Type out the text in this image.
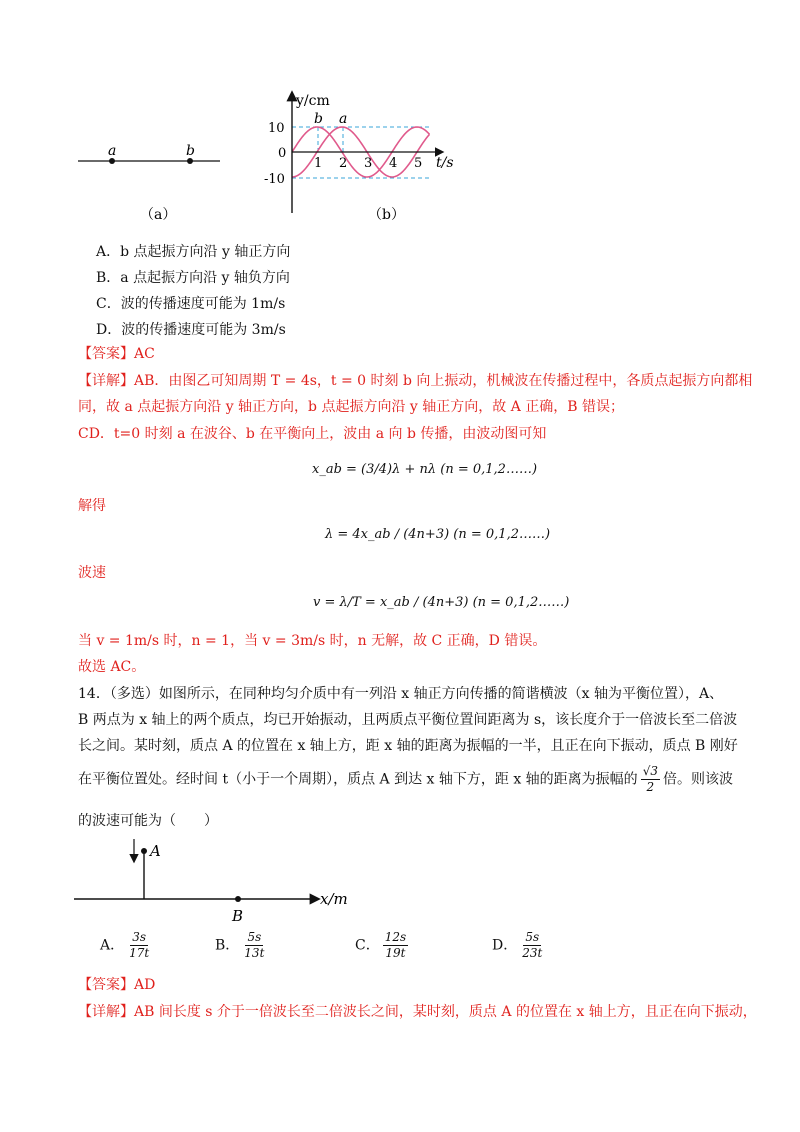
a	b
（a）
y/cm
t/s
10
0
-10
1 2 3 4 5
b a
（b）
A．b 点起振方向沿 y 轴正方向
B．a 点起振方向沿 y 轴负方向
C．波的传播速度可能为 1m/s
D．波的传播速度可能为 3m/s
【答案】AC
【详解】AB．由图乙可知周期 T = 4s，t = 0 时刻 b 向上振动，机械波在传播过程中，各质点起振方向都相
同，故 a 点起振方向沿 y 轴正方向，b 点起振方向沿 y 轴正方向，故 A 正确，B 错误；
CD．t=0 时刻 a 在波谷、b 在平衡向上，波由 a 向 b 传播，由波动图可知
x_ab = (3/4)λ + nλ (n = 0,1,2……)
解得
λ = 4x_ab / (4n+3) (n = 0,1,2……)
波速
v = λ/T = x_ab / (4n+3) (n = 0,1,2……)
当 v = 1m/s 时，n = 1，当 v = 3m/s 时，n 无解，故 C 正确，D 错误。
故选 AC。
14．（多选）如图所示，在同种均匀介质中有一列沿 x 轴正方向传播的简谐横波（x 轴为平衡位置），A、
B 两点为 x 轴上的两个质点，均已开始振动，且两质点平衡位置间距离为 s，该长度介于一倍波长至二倍波
长之间。某时刻，质点 A 的位置在 x 轴上方，距 x 轴的距离为振幅的一半，且正在向下振动，质点 B 刚好
在平衡位置处。经时间 t（小于一个周期），质点 A 到达 x 轴下方，距 x 轴的距离为振幅的 $\frac{√3}{2}$ 倍。则该波
的波速可能为（　　）
A
B
x/m
A． $\frac{3s}{17t}$	B． $\frac{5s}{13t}$	C． $\frac{12s}{19t}$	D． $\frac{5s}{23t}$
【答案】AD
【详解】AB 间长度 s 介于一倍波长至二倍波长之间，某时刻，质点 A 的位置在 x 轴上方，且正在向下振动，
